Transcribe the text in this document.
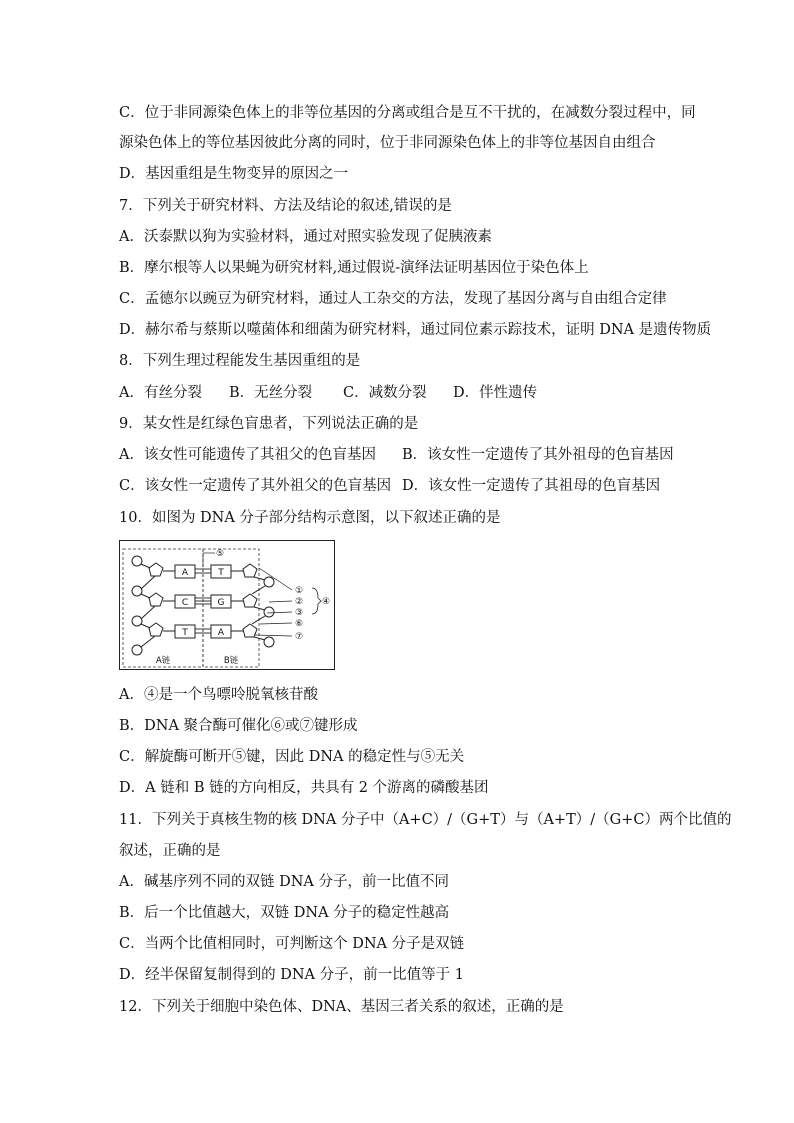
C．位于非同源染色体上的非等位基因的分离或组合是互不干扰的，在减数分裂过程中，同
源染色体上的等位基因彼此分离的同时，位于非同源染色体上的非等位基因自由组合
D．基因重组是生物变异的原因之一
7．下列关于研究材料、方法及结论的叙述,错误的是
A．沃泰默以狗为实验材料，通过对照实验发现了促胰液素
B．摩尔根等人以果蝇为研究材料,通过假说-演绎法证明基因位于染色体上
C．孟德尔以豌豆为研究材料，通过人工杂交的方法，发现了基因分离与自由组合定律
D．赫尔希与蔡斯以噬菌体和细菌为研究材料，通过同位素示踪技术，证明 DNA 是遗传物质
8．下列生理过程能发生基因重组的是
A．有丝分裂 B．无丝分裂 C．减数分裂 D．伴性遗传
9．某女性是红绿色盲患者，下列说法正确的是
A．该女性可能遗传了其祖父的色盲基因 B．该女性一定遗传了其外祖母的色盲基因
C．该女性一定遗传了其外祖父的色盲基因 D．该女性一定遗传了其祖母的色盲基因
10．如图为 DNA 分子部分结构示意图，以下叙述正确的是
A
C
T
T
G
A
⑤
①
②
③
⑥
⑦
④
A链	B链
A．④是一个鸟嘌呤脱氧核苷酸
B．DNA 聚合酶可催化⑥或⑦键形成
C．解旋酶可断开⑤键，因此 DNA 的稳定性与⑤无关
D．A 链和 B 链的方向相反，共具有 2 个游离的磷酸基团
11．下列关于真核生物的核 DNA 分子中（A+C）/（G+T）与（A+T）/（G+C）两个比值的
叙述，正确的是
A．碱基序列不同的双链 DNA 分子，前一比值不同
B．后一个比值越大，双链 DNA 分子的稳定性越高
C．当两个比值相同时，可判断这个 DNA 分子是双链
D．经半保留复制得到的 DNA 分子，前一比值等于 1
12．下列关于细胞中染色体、DNA、基因三者关系的叙述，正确的是
